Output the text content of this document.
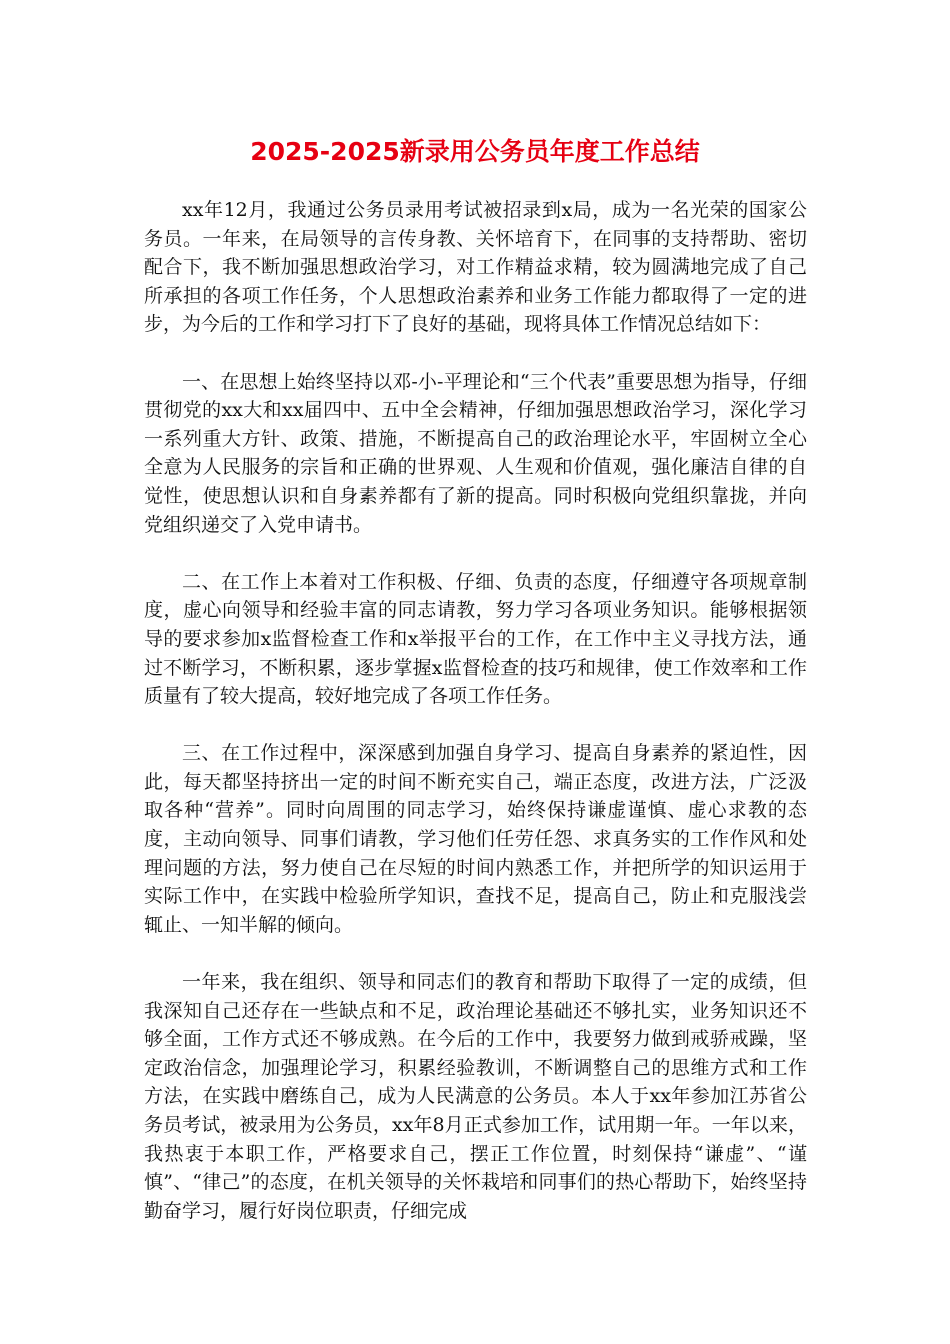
2025-2025新录用公务员年度工作总结

xx年12月，我通过公务员录用考试被招录到x局，成为一名光荣的国家公务员。一年来，在局领导的言传身教、关怀培育下，在同事的支持帮助、密切配合下，我不断加强思想政治学习，对工作精益求精，较为圆满地完成了自己所承担的各项工作任务，个人思想政治素养和业务工作能力都取得了一定的进步，为今后的工作和学习打下了良好的基础，现将具体工作情况总结如下：

一、在思想上始终坚持以邓-小-平理论和“三个代表”重要思想为指导，仔细贯彻党的xx大和xx届四中、五中全会精神，仔细加强思想政治学习，深化学习一系列重大方针、政策、措施，不断提高自己的政治理论水平，牢固树立全心全意为人民服务的宗旨和正确的世界观、人生观和价值观，强化廉洁自律的自觉性，使思想认识和自身素养都有了新的提高。同时积极向党组织靠拢，并向党组织递交了入党申请书。

二、在工作上本着对工作积极、仔细、负责的态度，仔细遵守各项规章制度，虚心向领导和经验丰富的同志请教，努力学习各项业务知识。能够根据领导的要求参加x监督检查工作和x举报平台的工作，在工作中主义寻找方法，通过不断学习，不断积累，逐步掌握x监督检查的技巧和规律，使工作效率和工作质量有了较大提高，较好地完成了各项工作任务。

三、在工作过程中，深深感到加强自身学习、提高自身素养的紧迫性，因此，每天都坚持挤出一定的时间不断充实自己，端正态度，改进方法，广泛汲取各种“营养”。同时向周围的同志学习，始终保持谦虚谨慎、虚心求教的态度，主动向领导、同事们请教，学习他们任劳任怨、求真务实的工作作风和处理问题的方法，努力使自己在尽短的时间内熟悉工作，并把所学的知识运用于实际工作中，在实践中检验所学知识，查找不足，提高自己，防止和克服浅尝辄止、一知半解的倾向。

一年来，我在组织、领导和同志们的教育和帮助下取得了一定的成绩，但我深知自己还存在一些缺点和不足，政治理论基础还不够扎实，业务知识还不够全面，工作方式还不够成熟。在今后的工作中，我要努力做到戒骄戒躁，坚定政治信念，加强理论学习，积累经验教训，不断调整自己的思维方式和工作方法，在实践中磨练自己，成为人民满意的公务员。本人于xx年参加江苏省公务员考试，被录用为公务员，xx年8月正式参加工作，试用期一年。一年以来，我热衷于本职工作，严格要求自己，摆正工作位置，时刻保持“谦虚”、“谨慎”、“律己”的态度，在机关领导的关怀栽培和同事们的热心帮助下，始终坚持勤奋学习，履行好岗位职责，仔细完成
